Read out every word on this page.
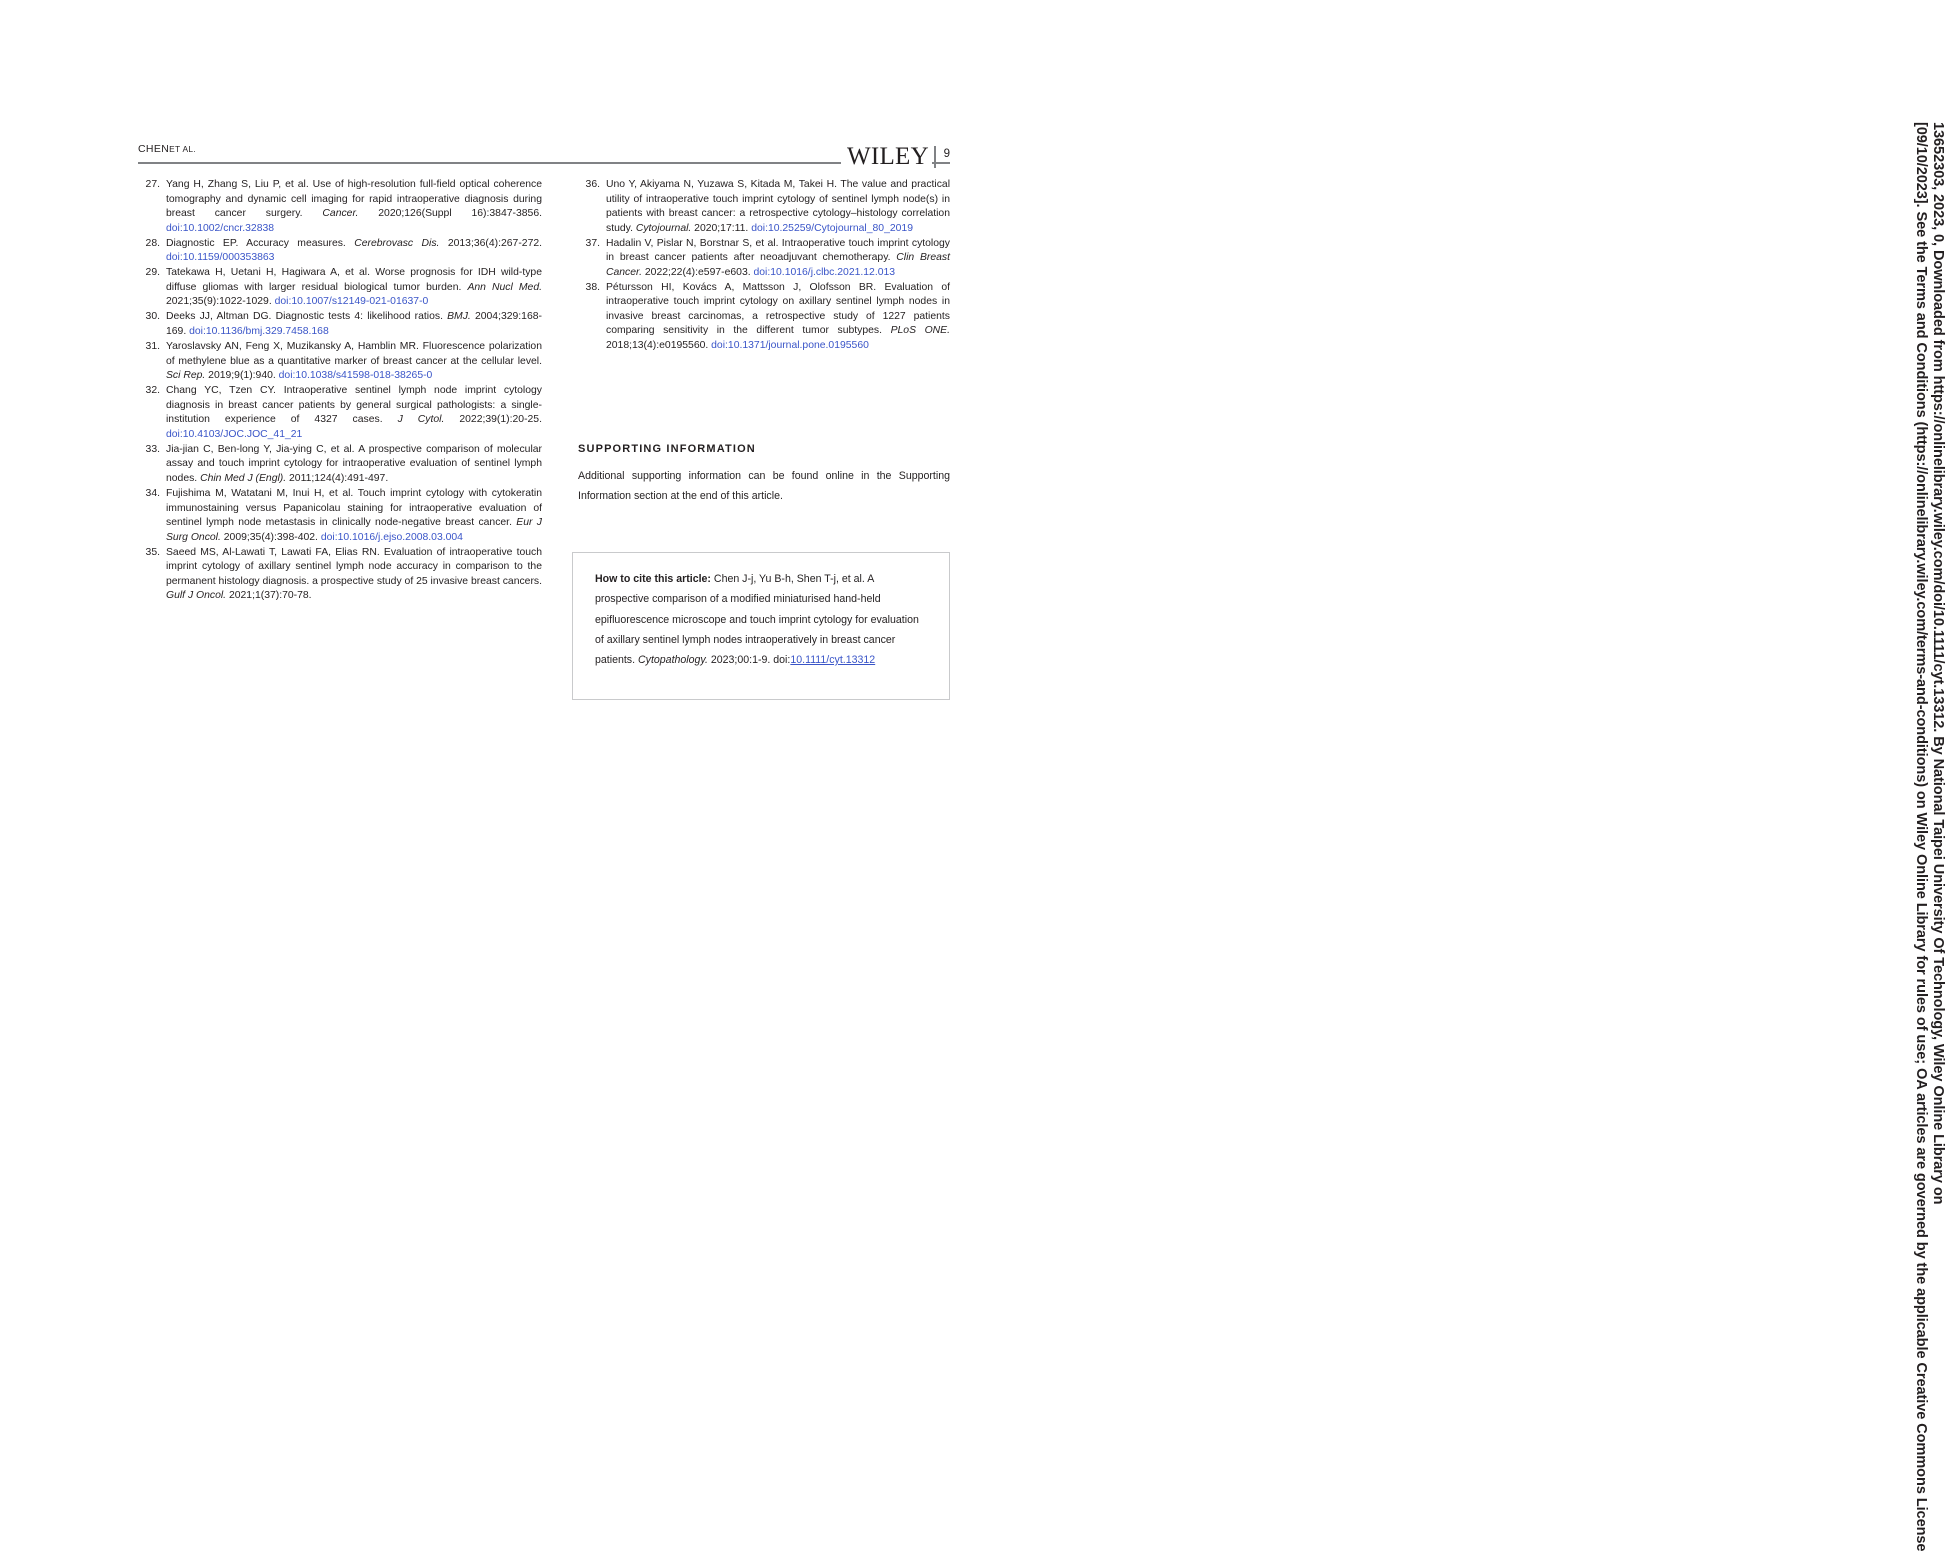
CHENET AL.	WILEY 9
27. Yang H, Zhang S, Liu P, et al. Use of high-resolution full-field optical coherence tomography and dynamic cell imaging for rapid intraoperative diagnosis during breast cancer surgery. Cancer. 2020;126(Suppl 16):3847-3856. doi:10.1002/cncr.32838
28. Diagnostic EP. Accuracy measures. Cerebrovasc Dis. 2013;36(4):267-272. doi:10.1159/000353863
29. Tatekawa H, Uetani H, Hagiwara A, et al. Worse prognosis for IDH wild-type diffuse gliomas with larger residual biological tumor burden. Ann Nucl Med. 2021;35(9):1022-1029. doi:10.1007/s12149-021-01637-0
30. Deeks JJ, Altman DG. Diagnostic tests 4: likelihood ratios. BMJ. 2004;329:168-169. doi:10.1136/bmj.329.7458.168
31. Yaroslavsky AN, Feng X, Muzikansky A, Hamblin MR. Fluorescence polarization of methylene blue as a quantitative marker of breast cancer at the cellular level. Sci Rep. 2019;9(1):940. doi:10.1038/s41598-018-38265-0
32. Chang YC, Tzen CY. Intraoperative sentinel lymph node imprint cytology diagnosis in breast cancer patients by general surgical pathologists: a single-institution experience of 4327 cases. J Cytol. 2022;39(1):20-25. doi:10.4103/JOC.JOC_41_21
33. Jia-jian C, Ben-long Y, Jia-ying C, et al. A prospective comparison of molecular assay and touch imprint cytology for intraoperative evaluation of sentinel lymph nodes. Chin Med J (Engl). 2011;124(4):491-497.
34. Fujishima M, Watatani M, Inui H, et al. Touch imprint cytology with cytokeratin immunostaining versus Papanicolau staining for intraoperative evaluation of sentinel lymph node metastasis in clinically node-negative breast cancer. Eur J Surg Oncol. 2009;35(4):398-402. doi:10.1016/j.ejso.2008.03.004
35. Saeed MS, Al-Lawati T, Lawati FA, Elias RN. Evaluation of intraoperative touch imprint cytology of axillary sentinel lymph node accuracy in comparison to the permanent histology diagnosis. a prospective study of 25 invasive breast cancers. Gulf J Oncol. 2021;1(37):70-78.
36. Uno Y, Akiyama N, Yuzawa S, Kitada M, Takei H. The value and practical utility of intraoperative touch imprint cytology of sentinel lymph node(s) in patients with breast cancer: a retrospective cytology–histology correlation study. Cytojournal. 2020;17:11. doi:10.25259/Cytojournal_80_2019
37. Hadalin V, Pislar N, Borstnar S, et al. Intraoperative touch imprint cytology in breast cancer patients after neoadjuvant chemotherapy. Clin Breast Cancer. 2022;22(4):e597-e603. doi:10.1016/j.clbc.2021.12.013
38. Pétursson HI, Kovács A, Mattsson J, Olofsson BR. Evaluation of intraoperative touch imprint cytology on axillary sentinel lymph nodes in invasive breast carcinomas, a retrospective study of 1227 patients comparing sensitivity in the different tumor subtypes. PLoS ONE. 2018;13(4):e0195560. doi:10.1371/journal.pone.0195560
SUPPORTING INFORMATION

Additional supporting information can be found online in the Supporting Information section at the end of this article.

How to cite this article: Chen J-j, Yu B-h, Shen T-j, et al. A prospective comparison of a modified miniaturised hand-held epifluorescence microscope and touch imprint cytology for evaluation of axillary sentinel lymph nodes intraoperatively in breast cancer patients. Cytopathology. 2023;00:1-9. doi:10.1111/cyt.13312	13652303, 2023, 0, Downloaded from https://onlinelibrary.wiley.com/doi/10.1111/cyt.13312. By National Taipei University Of Technology, Wiley Online Library on
[09/10/2023]. See the Terms and Conditions (https://onlinelibrary.wiley.com/terms-and-conditions) on Wiley Online Library for rules of use; OA articles are governed by the applicable Creative Commons License
